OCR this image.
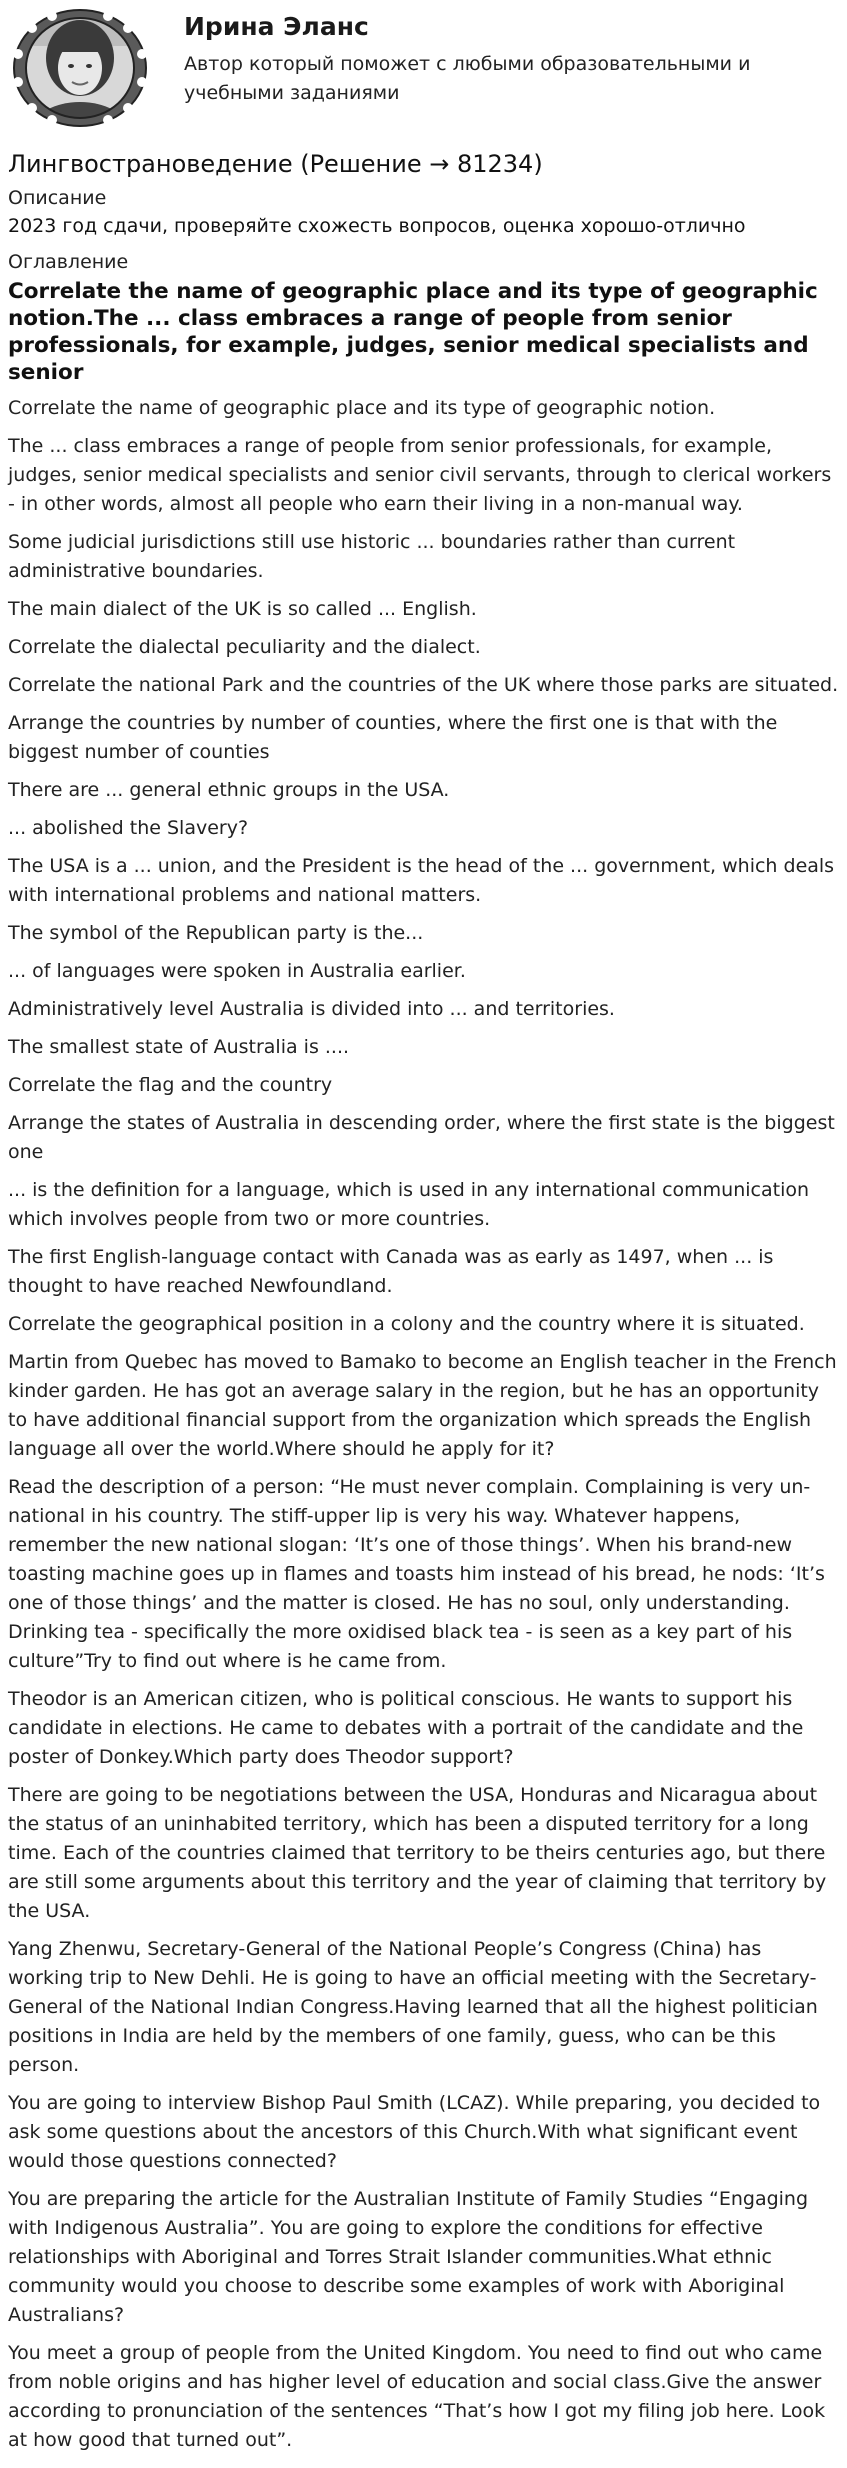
Ирина Эланс
Автор который поможет с любыми образовательными и учебными заданиями
Лингвострановедение (Решение → 81234)
Описание
2023 год сдачи, проверяйте схожесть вопросов, оценка хорошо-отлично
Оглавление
Correlate the name of geographic place and its type of geographic notion.The ... class embraces a range of people from senior professionals, for example, judges, senior medical specialists and senior

Correlate the name of geographic place and its type of geographic notion.

The ... class embraces a range of people from senior professionals, for example, judges, senior medical specialists and senior civil servants, through to clerical workers - in other words, almost all people who earn their living in a non-manual way.

Some judicial jurisdictions still use historic ... boundaries rather than current administrative boundaries.

The main dialect of the UK is so called ... English.

Correlate the dialectal peculiarity and the dialect.

Correlate the national Park and the countries of the UK where those parks are situated.

Arrange the countries by number of counties, where the first one is that with the biggest number of counties

There are ... general ethnic groups in the USA.

... abolished the Slavery?

The USA is a ... union, and the President is the head of the ... government, which deals with international problems and national matters.

The symbol of the Republican party is the...

... of languages were spoken in Australia earlier.

Administratively level Australia is divided into ... and territories.

The smallest state of Australia is ....

Correlate the flag and the country

Arrange the states of Australia in descending order, where the first state is the biggest one

... is the definition for a language, which is used in any international communication which involves people from two or more countries.

The first English-language contact with Canada was as early as 1497, when ... is thought to have reached Newfoundland.

Correlate the geographical position in a colony and the country where it is situated.

Martin from Quebec has moved to Bamako to become an English teacher in the French kinder garden. He has got an average salary in the region, but he has an opportunity to have additional financial support from the organization which spreads the English language all over the world.Where should he apply for it?

Read the description of a person: “He must never complain. Complaining is very un-national in his country. The stiff-upper lip is very his way. Whatever happens, remember the new national slogan: ‘It’s one of those things’. When his brand-new toasting machine goes up in flames and toasts him instead of his bread, he nods: ‘It’s one of those things’ and the matter is closed. He has no soul, only understanding. Drinking tea - specifically the more oxidised black tea - is seen as a key part of his culture”Try to find out where is he came from.

Theodor is an American citizen, who is political conscious. He wants to support his candidate in elections. He came to debates with a portrait of the candidate and the poster of Donkey.Which party does Theodor support?

There are going to be negotiations between the USA, Honduras and Nicaragua about the status of an uninhabited territory, which has been a disputed territory for a long time. Each of the countries claimed that territory to be theirs centuries ago, but there are still some arguments about this territory and the year of claiming that territory by the USA.

Yang Zhenwu, Secretary-General of the National People’s Congress (China) has working trip to New Dehli. He is going to have an official meeting with the Secretary-General of the National Indian Congress.Having learned that all the highest politician positions in India are held by the members of one family, guess, who can be this person.

You are going to interview Bishop Paul Smith (LCAZ). While preparing, you decided to ask some questions about the ancestors of this Church.With what significant event would those questions connected?

You are preparing the article for the Australian Institute of Family Studies “Engaging with Indigenous Australia”. You are going to explore the conditions for effective relationships with Aboriginal and Torres Strait Islander communities.What ethnic community would you choose to describe some examples of work with Aboriginal Australians?

You meet a group of people from the United Kingdom. You need to find out who came from noble origins and has higher level of education and social class.Give the answer according to pronunciation of the sentences “That’s how I got my filing job here. Look at how good that turned out”.
